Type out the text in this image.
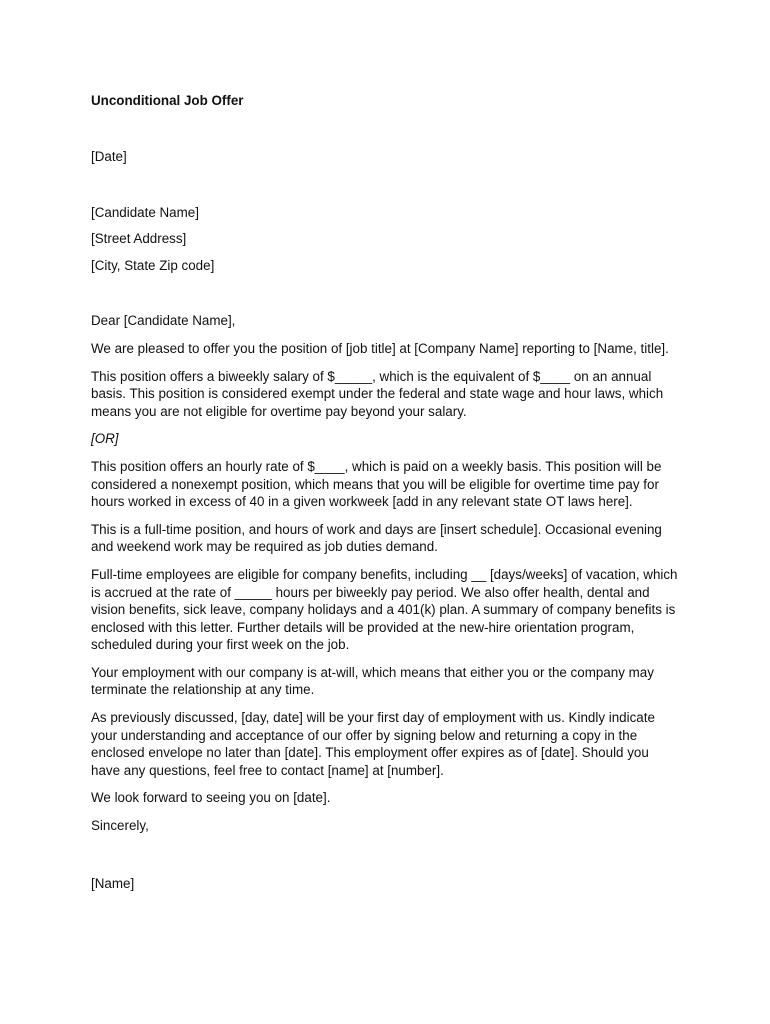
Unconditional Job Offer

[Date]

[Candidate Name]

[Street Address]

[City, State Zip code]

Dear [Candidate Name],

We are pleased to offer you the position of [job title] at [Company Name] reporting to [Name, title].

This position offers a biweekly salary of $_____, which is the equivalent of $____ on an annual basis. This position is considered exempt under the federal and state wage and hour laws, which means you are not eligible for overtime pay beyond your salary.

[OR]

This position offers an hourly rate of $____, which is paid on a weekly basis. This position will be considered a nonexempt position, which means that you will be eligible for overtime time pay for hours worked in excess of 40 in a given workweek [add in any relevant state OT laws here].

This is a full-time position, and hours of work and days are [insert schedule]. Occasional evening and weekend work may be required as job duties demand.

Full-time employees are eligible for company benefits, including __ [days/weeks] of vacation, which is accrued at the rate of _____ hours per biweekly pay period. We also offer health, dental and vision benefits, sick leave, company holidays and a 401(k) plan. A summary of company benefits is enclosed with this letter. Further details will be provided at the new-hire orientation program, scheduled during your first week on the job.

Your employment with our company is at-will, which means that either you or the company may terminate the relationship at any time.

As previously discussed, [day, date] will be your first day of employment with us. Kindly indicate your understanding and acceptance of our offer by signing below and returning a copy in the enclosed envelope no later than [date]. This employment offer expires as of [date]. Should you have any questions, feel free to contact [name] at [number].

We look forward to seeing you on [date].

Sincerely,

[Name]
